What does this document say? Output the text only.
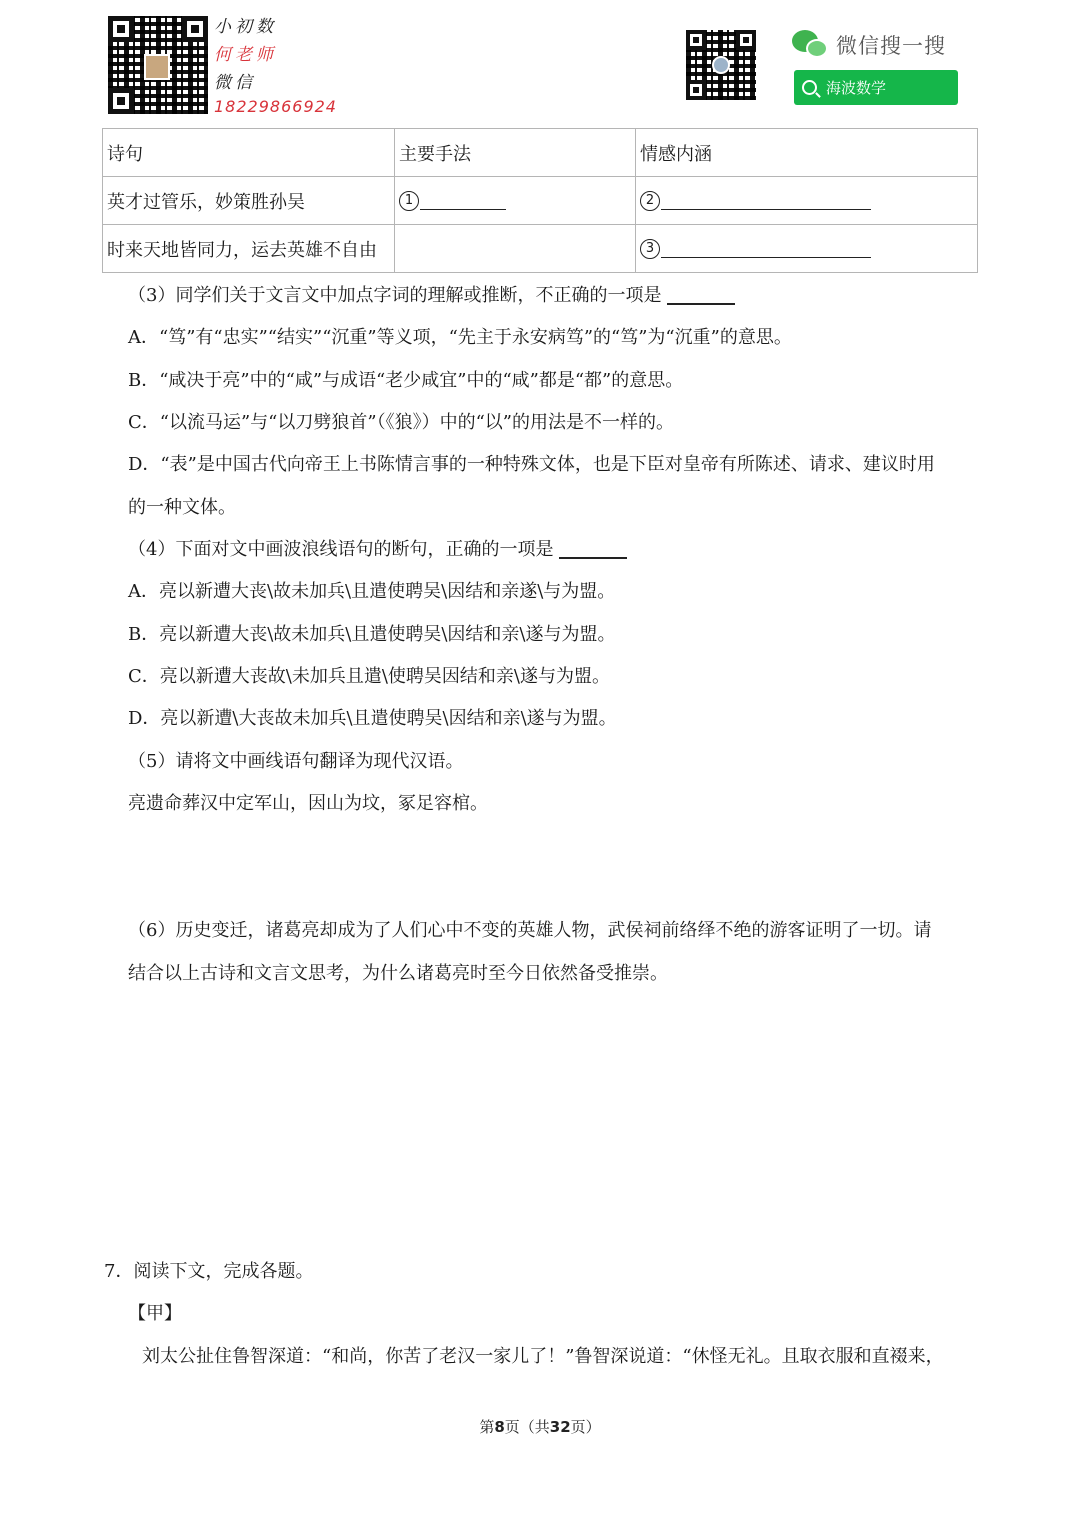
小初数
何老师
微信
18229866924
微信搜一搜
海波数学
诗句	主要手法	情感内涵
英才过管乐，妙策胜孙吴	1	2
时来天地皆同力，运去英雄不自由		3
（3）同学们关于文言文中加点字词的理解或推断，不正确的一项是
A．“笃”有“忠实”“结实”“沉重”等义项，“先主于永安病笃”的“笃”为“沉重”的意思。
B．“咸决于亮”中的“咸”与成语“老少咸宜”中的“咸”都是“都”的意思。
C．“以流马运”与“以刀劈狼首”（《狼》）中的“以”的用法是不一样的。
D．“表”是中国古代向帝王上书陈情言事的一种特殊文体，也是下臣对皇帝有所陈述、请求、建议时用
的一种文体。
（4）下面对文中画波浪线语句的断句，正确的一项是
A．亮以新遭大丧\故未加兵\且遣使聘吴\因结和亲遂\与为盟。
B．亮以新遭大丧\故未加兵\且遣使聘吴\因结和亲\遂与为盟。
C．亮以新遭大丧故\未加兵且遣\使聘吴因结和亲\遂与为盟。
D．亮以新遭\大丧故未加兵\且遣使聘吴\因结和亲\遂与为盟。
（5）请将文中画线语句翻译为现代汉语。
亮遗命葬汉中定军山，因山为坟，冢足容棺。
（6）历史变迁，诸葛亮却成为了人们心中不变的英雄人物，武侯祠前络绎不绝的游客证明了一切。请
结合以上古诗和文言文思考，为什么诸葛亮时至今日依然备受推崇。
7．阅读下文，完成各题。
【甲】
刘太公扯住鲁智深道：“和尚，你苦了老汉一家儿了！”鲁智深说道：“休怪无礼。且取衣服和直裰来，
第8页（共32页）
